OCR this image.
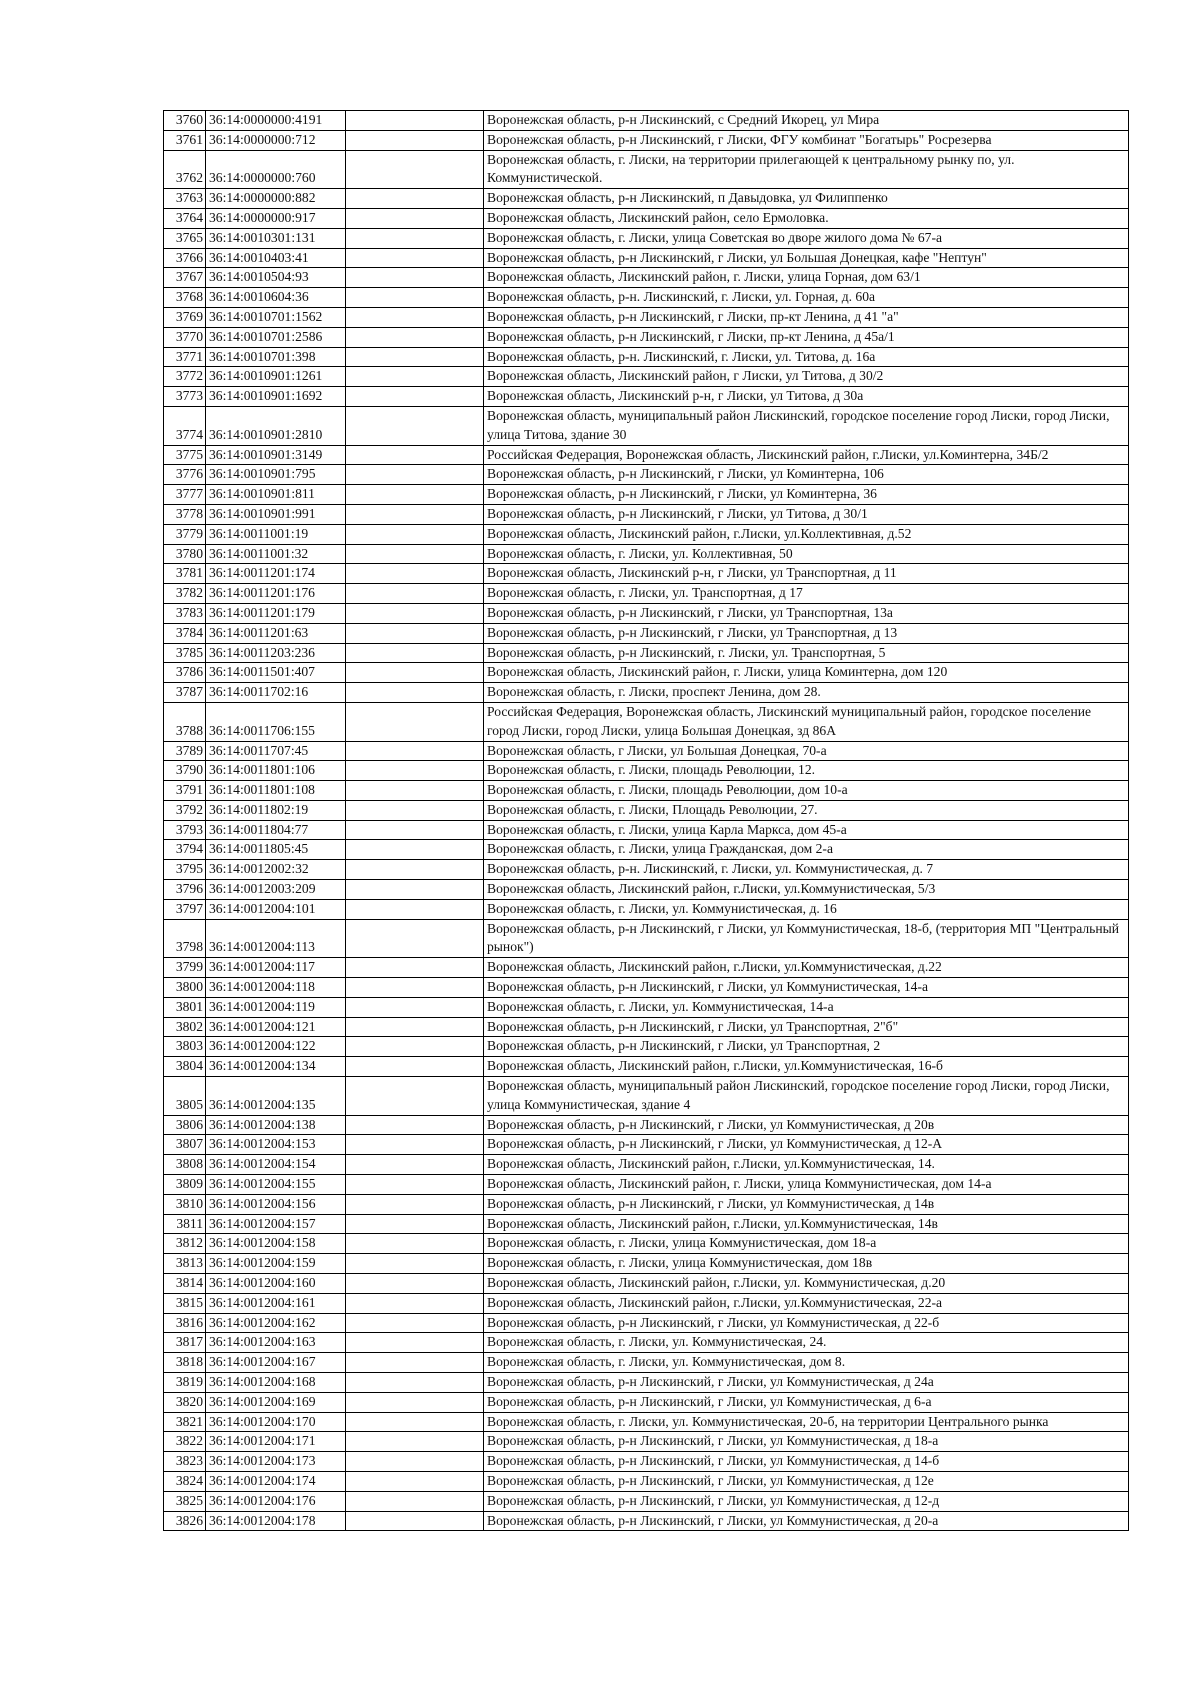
3760	36:14:0000000:4191		Воронежская область, р-н Лискинский, с Средний Икорец, ул Мира
3761	36:14:0000000:712		Воронежская область, р-н Лискинский, г Лиски, ФГУ комбинат "Богатырь" Росрезерва
3762	36:14:0000000:760		Воронежская область, г. Лиски, на территории прилегающей к центральному рынку по, ул. Коммунистической.
3763	36:14:0000000:882		Воронежская область, р-н Лискинский, п Давыдовка, ул Филиппенко
3764	36:14:0000000:917		Воронежская область, Лискинский район, село Ермоловка.
3765	36:14:0010301:131		Воронежская область, г. Лиски, улица Советская во дворе жилого дома № 67-а
3766	36:14:0010403:41		Воронежская область, р-н Лискинский, г Лиски, ул Большая Донецкая, кафе "Нептун"
3767	36:14:0010504:93		Воронежская область, Лискинский район, г. Лиски, улица Горная, дом 63/1
3768	36:14:0010604:36		Воронежская область, р-н. Лискинский, г. Лиски, ул. Горная, д. 60а
3769	36:14:0010701:1562		Воронежская область, р-н Лискинский, г Лиски, пр-кт Ленина, д 41 "а"
3770	36:14:0010701:2586		Воронежская область, р-н Лискинский, г Лиски, пр-кт Ленина, д 45а/1
3771	36:14:0010701:398		Воронежская область, р-н. Лискинский, г. Лиски, ул. Титова, д. 16а
3772	36:14:0010901:1261		Воронежская область, Лискинский район, г Лиски, ул Титова, д 30/2
3773	36:14:0010901:1692		Воронежская область, Лискинский р-н, г Лиски, ул Титова, д 30а
3774	36:14:0010901:2810		Воронежская область, муниципальный район Лискинский, городское поселение город Лиски, город Лиски, улица Титова, здание 30
3775	36:14:0010901:3149		Российская Федерация, Воронежская область, Лискинский район, г.Лиски, ул.Коминтерна, 34Б/2
3776	36:14:0010901:795		Воронежская область, р-н Лискинский, г Лиски, ул Коминтерна, 106
3777	36:14:0010901:811		Воронежская область, р-н Лискинский, г Лиски, ул Коминтерна, 36
3778	36:14:0010901:991		Воронежская область, р-н Лискинский, г Лиски, ул Титова, д 30/1
3779	36:14:0011001:19		Воронежская область, Лискинский район, г.Лиски, ул.Коллективная, д.52
3780	36:14:0011001:32		Воронежская область, г. Лиски, ул. Коллективная, 50
3781	36:14:0011201:174		Воронежская область, Лискинский р-н, г Лиски, ул Транспортная, д 11
3782	36:14:0011201:176		Воронежская область, г. Лиски, ул. Транспортная, д 17
3783	36:14:0011201:179		Воронежская область, р-н Лискинский, г Лиски, ул Транспортная, 13а
3784	36:14:0011201:63		Воронежская область, р-н Лискинский, г Лиски, ул Транспортная, д 13
3785	36:14:0011203:236		Воронежская область, р-н Лискинский, г. Лиски, ул. Транспортная, 5
3786	36:14:0011501:407		Воронежская область, Лискинский район, г. Лиски, улица Коминтерна, дом 120
3787	36:14:0011702:16		Воронежская область, г. Лиски, проспект Ленина, дом 28.
3788	36:14:0011706:155		Российская Федерация, Воронежская область, Лискинский муниципальный район, городское поселение город Лиски, город Лиски, улица Большая Донецкая, зд 86А
3789	36:14:0011707:45		Воронежская область, г Лиски, ул Большая Донецкая, 70-а
3790	36:14:0011801:106		Воронежская область, г. Лиски, площадь Революции, 12.
3791	36:14:0011801:108		Воронежская область, г. Лиски, площадь Революции, дом 10-а
3792	36:14:0011802:19		Воронежская область, г. Лиски, Площадь Революции, 27.
3793	36:14:0011804:77		Воронежская область, г. Лиски, улица Карла Маркса, дом 45-а
3794	36:14:0011805:45		Воронежская область, г. Лиски, улица Гражданская, дом 2-а
3795	36:14:0012002:32		Воронежская область, р-н. Лискинский, г. Лиски, ул. Коммунистическая, д. 7
3796	36:14:0012003:209		Воронежская область, Лискинский район, г.Лиски, ул.Коммунистическая, 5/3
3797	36:14:0012004:101		Воронежская область, г. Лиски, ул. Коммунистическая, д. 16
3798	36:14:0012004:113		Воронежская область, р-н Лискинский, г Лиски, ул Коммунистическая, 18-б, (территория МП "Центральный рынок")
3799	36:14:0012004:117		Воронежская область, Лискинский район, г.Лиски, ул.Коммунистическая, д.22
3800	36:14:0012004:118		Воронежская область, р-н Лискинский, г Лиски, ул Коммунистическая, 14-а
3801	36:14:0012004:119		Воронежская область, г. Лиски, ул. Коммунистическая, 14-а
3802	36:14:0012004:121		Воронежская область, р-н Лискинский, г Лиски, ул Транспортная, 2"б"
3803	36:14:0012004:122		Воронежская область, р-н Лискинский, г Лиски, ул Транспортная, 2
3804	36:14:0012004:134		Воронежская область, Лискинский район, г.Лиски, ул.Коммунистическая, 16-б
3805	36:14:0012004:135		Воронежская область, муниципальный район Лискинский, городское поселение город Лиски, город Лиски, улица Коммунистическая, здание 4
3806	36:14:0012004:138		Воронежская область, р-н Лискинский, г Лиски, ул Коммунистическая, д 20в
3807	36:14:0012004:153		Воронежская область, р-н Лискинский, г Лиски, ул Коммунистическая, д 12-А
3808	36:14:0012004:154		Воронежская область, Лискинский район, г.Лиски, ул.Коммунистическая, 14.
3809	36:14:0012004:155		Воронежская область, Лискинский район, г. Лиски, улица Коммунистическая, дом 14-а
3810	36:14:0012004:156		Воронежская область, р-н Лискинский, г Лиски, ул Коммунистическая, д 14в
3811	36:14:0012004:157		Воронежская область, Лискинский район, г.Лиски, ул.Коммунистическая, 14в
3812	36:14:0012004:158		Воронежская область, г. Лиски, улица Коммунистическая, дом 18-а
3813	36:14:0012004:159		Воронежская область, г. Лиски, улица Коммунистическая, дом 18в
3814	36:14:0012004:160		Воронежская область, Лискинский район, г.Лиски, ул. Коммунистическая, д.20
3815	36:14:0012004:161		Воронежская область, Лискинский район, г.Лиски, ул.Коммунистическая, 22-а
3816	36:14:0012004:162		Воронежская область, р-н Лискинский, г Лиски, ул Коммунистическая, д 22-б
3817	36:14:0012004:163		Воронежская область, г. Лиски, ул. Коммунистическая, 24.
3818	36:14:0012004:167		Воронежская область, г. Лиски, ул. Коммунистическая, дом 8.
3819	36:14:0012004:168		Воронежская область, р-н Лискинский, г Лиски, ул Коммунистическая, д 24а
3820	36:14:0012004:169		Воронежская область, р-н Лискинский, г Лиски, ул Коммунистическая, д 6-а
3821	36:14:0012004:170		Воронежская область, г. Лиски, ул. Коммунистическая, 20-б, на территории Центрального рынка
3822	36:14:0012004:171		Воронежская область, р-н Лискинский, г Лиски, ул Коммунистическая, д 18-а
3823	36:14:0012004:173		Воронежская область, р-н Лискинский, г Лиски, ул Коммунистическая, д 14-б
3824	36:14:0012004:174		Воронежская область, р-н Лискинский, г Лиски, ул Коммунистическая, д 12е
3825	36:14:0012004:176		Воронежская область, р-н Лискинский, г Лиски, ул Коммунистическая, д 12-д
3826	36:14:0012004:178		Воронежская область, р-н Лискинский, г Лиски, ул Коммунистическая, д 20-а
